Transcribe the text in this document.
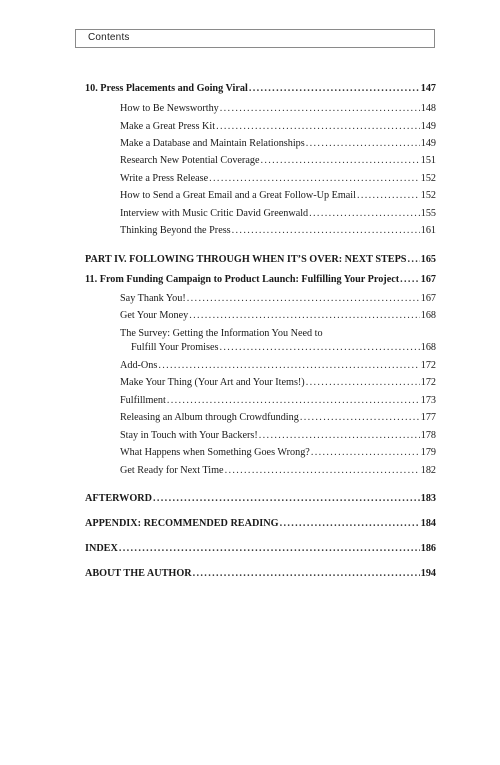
Contents
10. Press Placements and Going Viral . . .	147
How to Be Newsworthy . . .	148
Make a Great Press Kit . . .	149
Make a Database and Maintain Relationships . . .	149
Research New Potential Coverage . . .	151
Write a Press Release . . .	152
How to Send a Great Email and a Great Follow-Up Email . . .	152
Interview with Music Critic David Greenwald . . .	155
Thinking Beyond the Press . . .	161
PART IV. FOLLOWING THROUGH WHEN IT’S OVER: NEXT STEPS . . . 165
11. From Funding Campaign to Product Launch: Fulfilling Your Project . . . 167
Say Thank You! . . .	167
Get Your Money . . .	168
The Survey: Getting the Information You Need to
Fulfill Your Promises . . .	168
Add-Ons . . .	172
Make Your Thing (Your Art and Your Items!) . . .	172
Fulfillment . . .	173
Releasing an Album through Crowdfunding . . .	177
Stay in Touch with Your Backers! . . .	178
What Happens when Something Goes Wrong? . . .	179
Get Ready for Next Time . . .	182
AFTERWORD . . .	183
APPENDIX: RECOMMENDED READING . . .	184
INDEX . . .	186
ABOUT THE AUTHOR . . .	194
